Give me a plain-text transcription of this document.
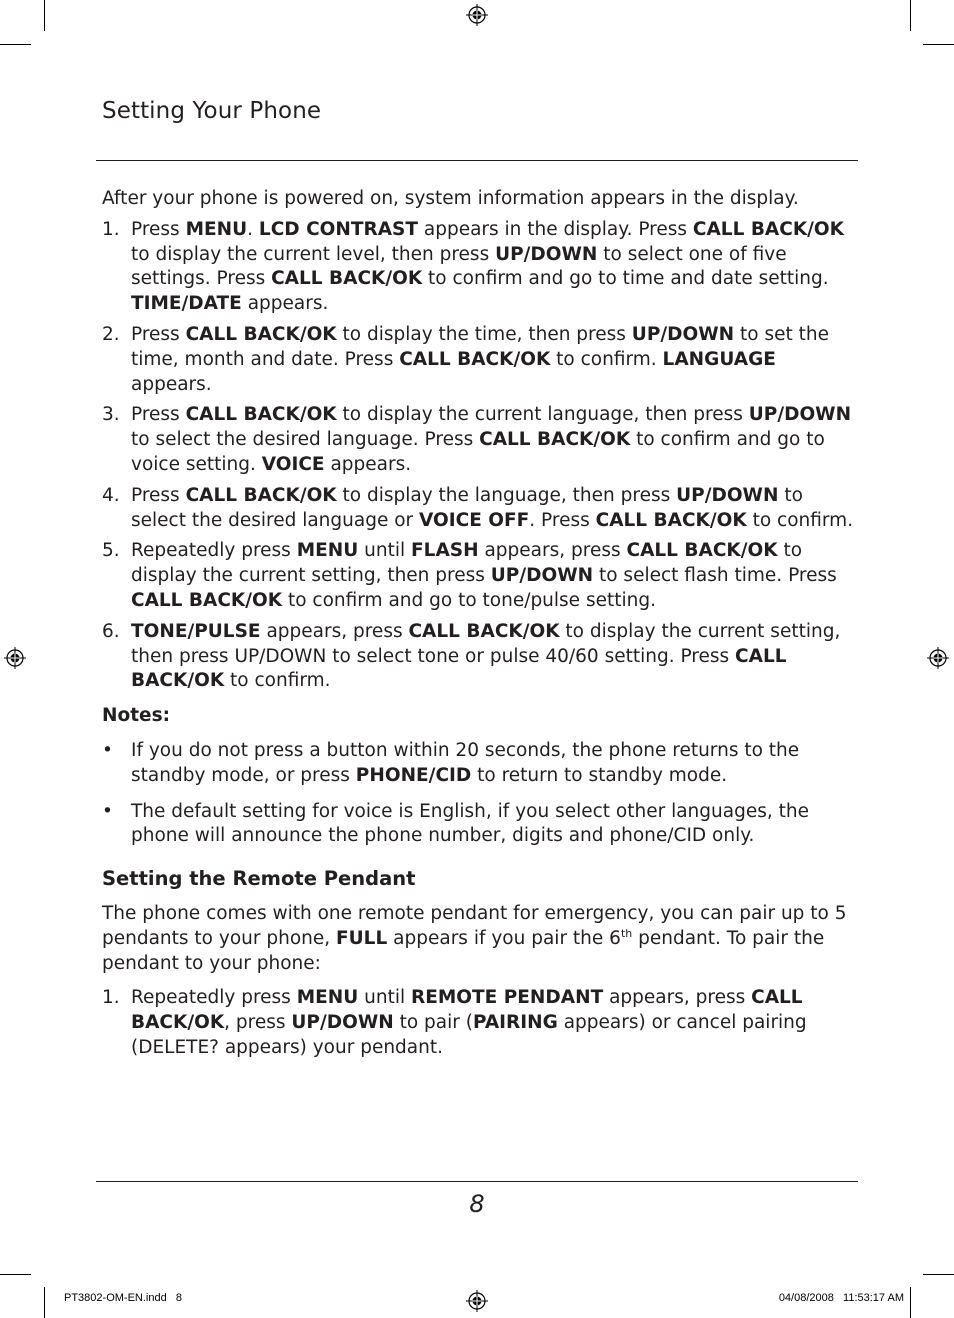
Setting Your Phone

After your phone is powered on, system information appears in the display.

1. Press MENU. LCD CONTRAST appears in the display. Press CALL BACK/OK to display the current level, then press UP/DOWN to select one of five settings. Press CALL BACK/OK to confirm and go to time and date setting. TIME/DATE appears.
2. Press CALL BACK/OK to display the time, then press UP/DOWN to set the time, month and date. Press CALL BACK/OK to confirm. LANGUAGE appears.
3. Press CALL BACK/OK to display the current language, then press UP/DOWN to select the desired language. Press CALL BACK/OK to confirm and go to voice setting. VOICE appears.
4. Press CALL BACK/OK to display the language, then press UP/DOWN to select the desired language or VOICE OFF. Press CALL BACK/OK to confirm.
5. Repeatedly press MENU until FLASH appears, press CALL BACK/OK to display the current setting, then press UP/DOWN to select flash time. Press CALL BACK/OK to confirm and go to tone/pulse setting.
6. TONE/PULSE appears, press CALL BACK/OK to display the current setting, then press UP/DOWN to select tone or pulse 40/60 setting. Press CALL BACK/OK to confirm.

Notes:

• If you do not press a button within 20 seconds, the phone returns to the standby mode, or press PHONE/CID to return to standby mode.
• The default setting for voice is English, if you select other languages, the phone will announce the phone number, digits and phone/CID only.

Setting the Remote Pendant

The phone comes with one remote pendant for emergency, you can pair up to 5 pendants to your phone, FULL appears if you pair the 6th pendant. To pair the pendant to your phone:

1. Repeatedly press MENU until REMOTE PENDANT appears, press CALL BACK/OK, press UP/DOWN to pair (PAIRING appears) or cancel pairing (DELETE? appears) your pendant.
8
PT3802-OM-EN.indd   8	04/08/2008   11:53:17 AM
